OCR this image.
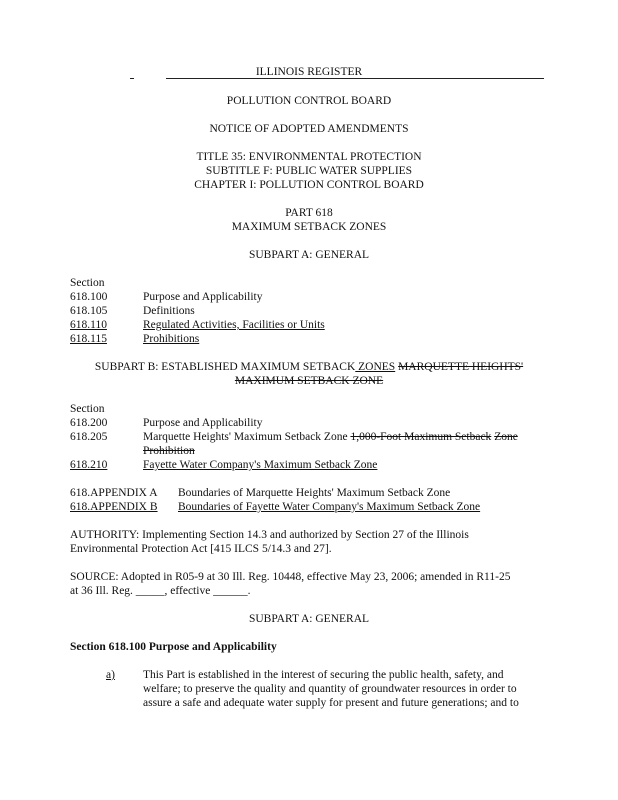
ILLINOIS REGISTER
POLLUTION CONTROL BOARD
NOTICE OF ADOPTED AMENDMENTS
TITLE 35: ENVIRONMENTAL PROTECTION
SUBTITLE F: PUBLIC WATER SUPPLIES
CHAPTER I: POLLUTION CONTROL BOARD
PART 618
MAXIMUM SETBACK ZONES
SUBPART A: GENERAL
Section
618.100	Purpose and Applicability
618.105	Definitions
618.110	Regulated Activities, Facilities or Units
618.115	Prohibitions
SUBPART B: ESTABLISHED MAXIMUM SETBACK ZONES MARQUETTE HEIGHTS'
MAXIMUM SETBACK ZONE
Section
618.200	Purpose and Applicability
618.205	Marquette Heights' Maximum Setback Zone 1,000-Foot Maximum Setback Zone
Prohibition
618.210	Fayette Water Company's Maximum Setback Zone
618.APPENDIX A Boundaries of Marquette Heights' Maximum Setback Zone
618.APPENDIX B Boundaries of Fayette Water Company's Maximum Setback Zone
AUTHORITY: Implementing Section 14.3 and authorized by Section 27 of the Illinois
Environmental Protection Act [415 ILCS 5/14.3 and 27].
SOURCE: Adopted in R05-9 at 30 Ill. Reg. 10448, effective May 23, 2006; amended in R11-25
at 36 Ill. Reg. _____, effective ______.
SUBPART A: GENERAL
Section 618.100 Purpose and Applicability
a) This Part is established in the interest of securing the public health, safety, and
welfare; to preserve the quality and quantity of groundwater resources in order to
assure a safe and adequate water supply for present and future generations; and to
